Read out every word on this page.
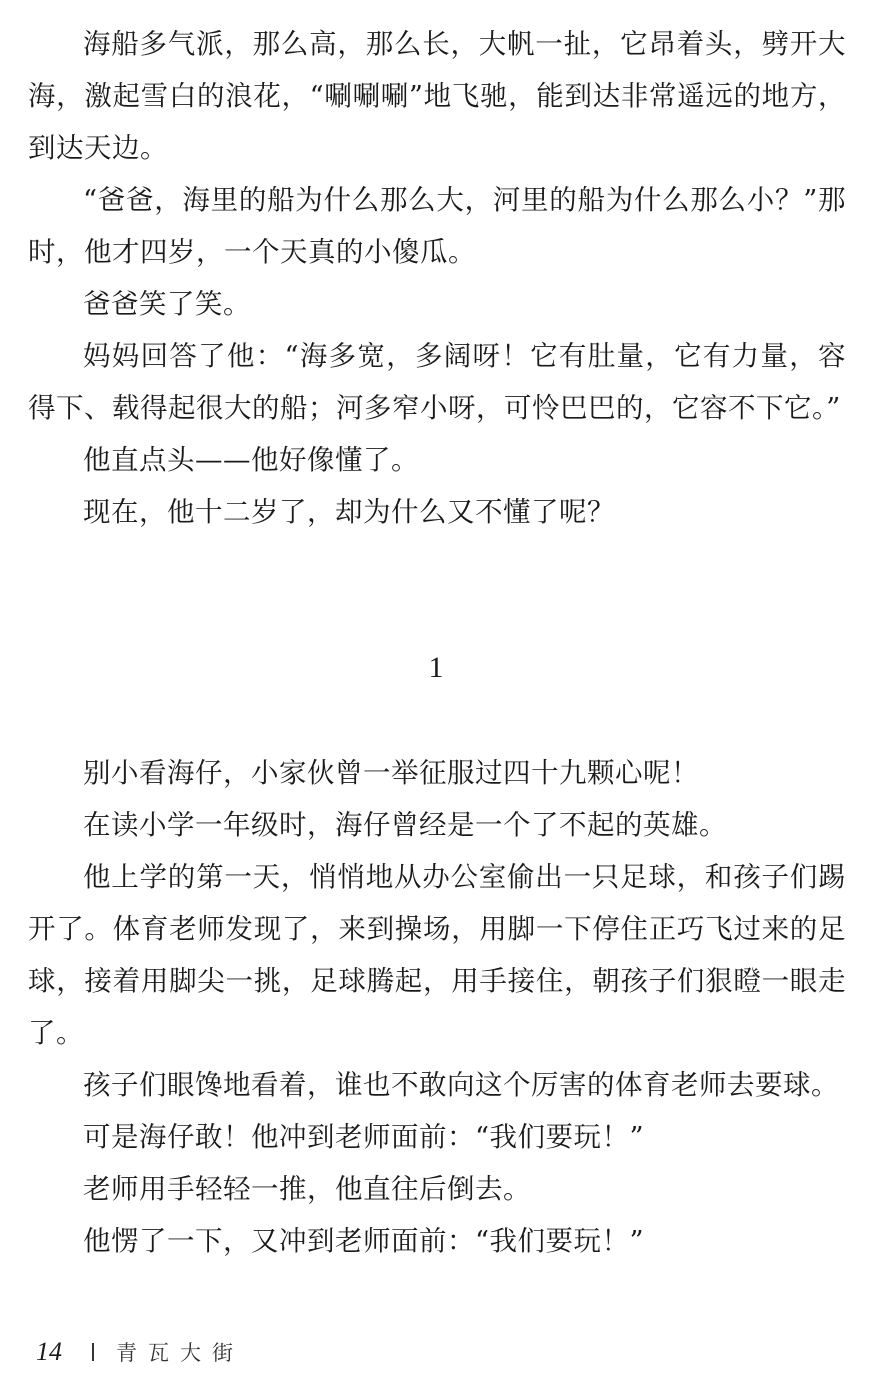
海船多气派，那么高，那么长，大帆一扯，它昂着头，劈开大海，激起雪白的浪花，“唰唰唰”地飞驰，能到达非常遥远的地方，到达天边。

“爸爸，海里的船为什么那么大，河里的船为什么那么小？”那时，他才四岁，一个天真的小傻瓜。

爸爸笑了笑。

妈妈回答了他：“海多宽，多阔呀！它有肚量，它有力量，容得下、载得起很大的船；河多窄小呀，可怜巴巴的，它容不下它。”

他直点头——他好像懂了。

现在，他十二岁了，却为什么又不懂了呢？

1

别小看海仔，小家伙曾一举征服过四十九颗心呢！

在读小学一年级时，海仔曾经是一个了不起的英雄。

他上学的第一天，悄悄地从办公室偷出一只足球，和孩子们踢开了。体育老师发现了，来到操场，用脚一下停住正巧飞过来的足球，接着用脚尖一挑，足球腾起，用手接住，朝孩子们狠瞪一眼走了。

孩子们眼馋地看着，谁也不敢向这个厉害的体育老师去要球。

可是海仔敢！他冲到老师面前：“我们要玩！”

老师用手轻轻一推，他直往后倒去。

他愣了一下，又冲到老师面前：“我们要玩！”

14	青瓦大街
